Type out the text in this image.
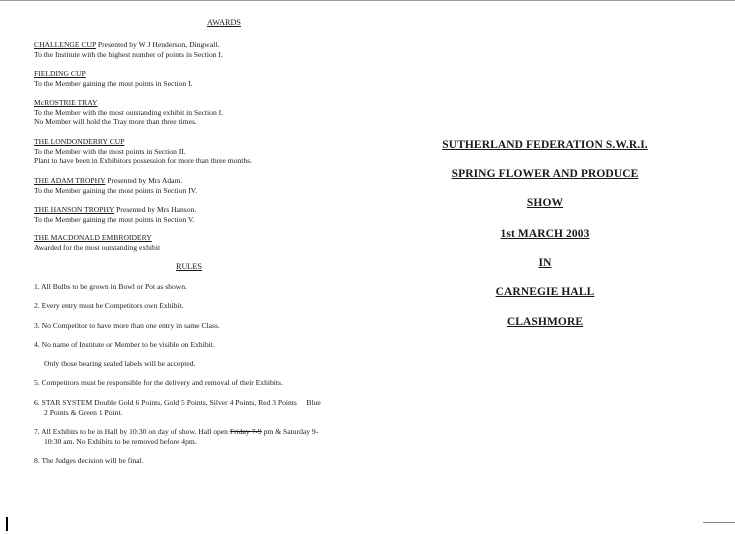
AWARDS
CHALLENGE CUP Presented by W J Henderson, Dingwall.
To the Institute with the highest number of points in Section I.
FIELDING CUP
To the Member gaining the most points in Section I.
McROSTRIE TRAY
To the Member with the most outstanding exhibit in Section I.
No Member will hold the Tray more than three times.
THE LONDONDERRY CUP
To the Member with the most points in Section II.
Plant to have been in Exhibitors possession for more than three months.
THE ADAM TROPHY Presented by Mrs Adam.
To the Member gaining the most points in Section IV.
THE HANSON TROPHY Presented by Mrs Hanson.
To the Member gaining the most points in Section V.
THE MACDONALD EMBROIDERY
Awarded for the most outstanding exhibit
RULES
1. All Bulbs to be grown in Bowl or Pot as shown.
2. Every entry must be Competitors own Exhibit.
3. No Competitor to have more than one entry in same Class.
4. No name of Institute or Member to be visible on Exhibit.
Only those bearing sealed labels will be accepted.
5. Competitors must be responsible for the delivery and removal of their Exhibits.
6. STAR SYSTEM Double Gold 6 Points, Gold 5 Points, Silver 4 Points, Red 3 Points     Blue
2 Points & Green 1 Point.
7. All Exhibits to be in Hall by 10:30 on day of show. Hall open Friday 7-9 pm & Saturday 9-
10:30 am. No Exhibits to be removed before 4pm.
8. The Judges decision will be final.
SUTHERLAND FEDERATION S.W.R.I.
SPRING FLOWER AND PRODUCE
SHOW
1st MARCH 2003
IN
CARNEGIE HALL
CLASHMORE
